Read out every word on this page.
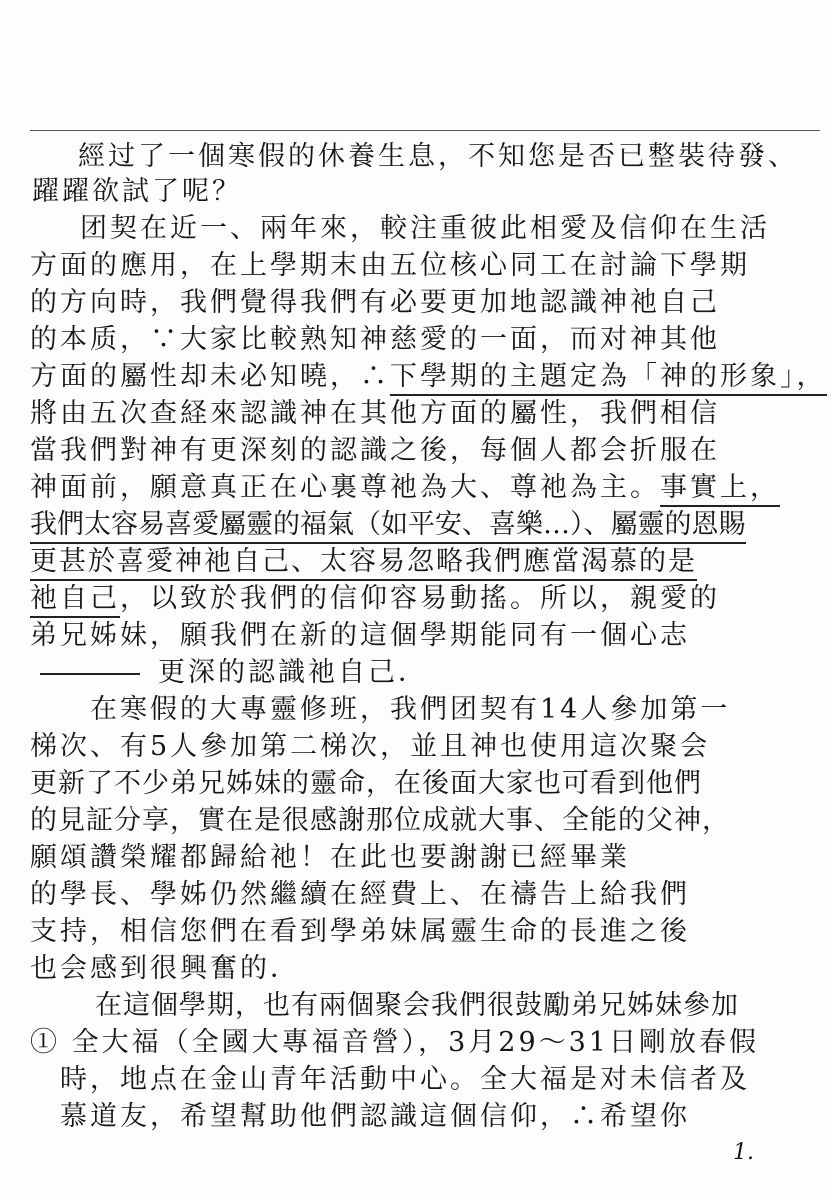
經过了一個寒假的休養生息，不知您是否已整裝待發、
躍躍欲試了呢？
团契在近一、兩年來，較注重彼此相愛及信仰在生活
方面的應用，在上學期末由五位核心同工在討論下學期
的方向時，我們覺得我們有必要更加地認識神祂自己
的本质，∵大家比較熟知神慈愛的一面，而对神其他
方面的屬性却未必知曉，∴下學期的主題定為「神的形象」，
將由五次查経來認識神在其他方面的屬性，我們相信
當我們對神有更深刻的認識之後，每個人都会折服在
神面前，願意真正在心裏尊祂為大、尊祂為主。事實上，
我們太容易喜愛屬靈的福氣（如平安、喜樂…）、屬靈的恩賜
更甚於喜愛神祂自己、太容易忽略我們應當渴慕的是
祂自己，以致於我們的信仰容易動搖。所以，親愛的
弟兄姊妹，願我們在新的這個學期能同有一個心志
更深的認識祂自己．
在寒假的大專靈修班，我們团契有14人參加第一
梯次、有5人參加第二梯次，並且神也使用這次聚会
更新了不少弟兄姊妹的靈命，在後面大家也可看到他們
的見証分享，實在是很感謝那位成就大事、全能的父神，
願頌讚榮耀都歸給祂！在此也要謝謝已經畢業
的學長、學姊仍然繼續在經費上、在禱告上給我們
支持，相信您們在看到學弟妹属靈生命的長進之後
也会感到很興奮的．
在這個學期，也有兩個聚会我們很鼓勵弟兄姊妹參加
① 全大福（全國大專福音營），3月29～31日剛放春假
時，地点在金山青年活動中心。全大福是对未信者及
慕道友，希望幫助他們認識這個信仰，∴希望你
1.
